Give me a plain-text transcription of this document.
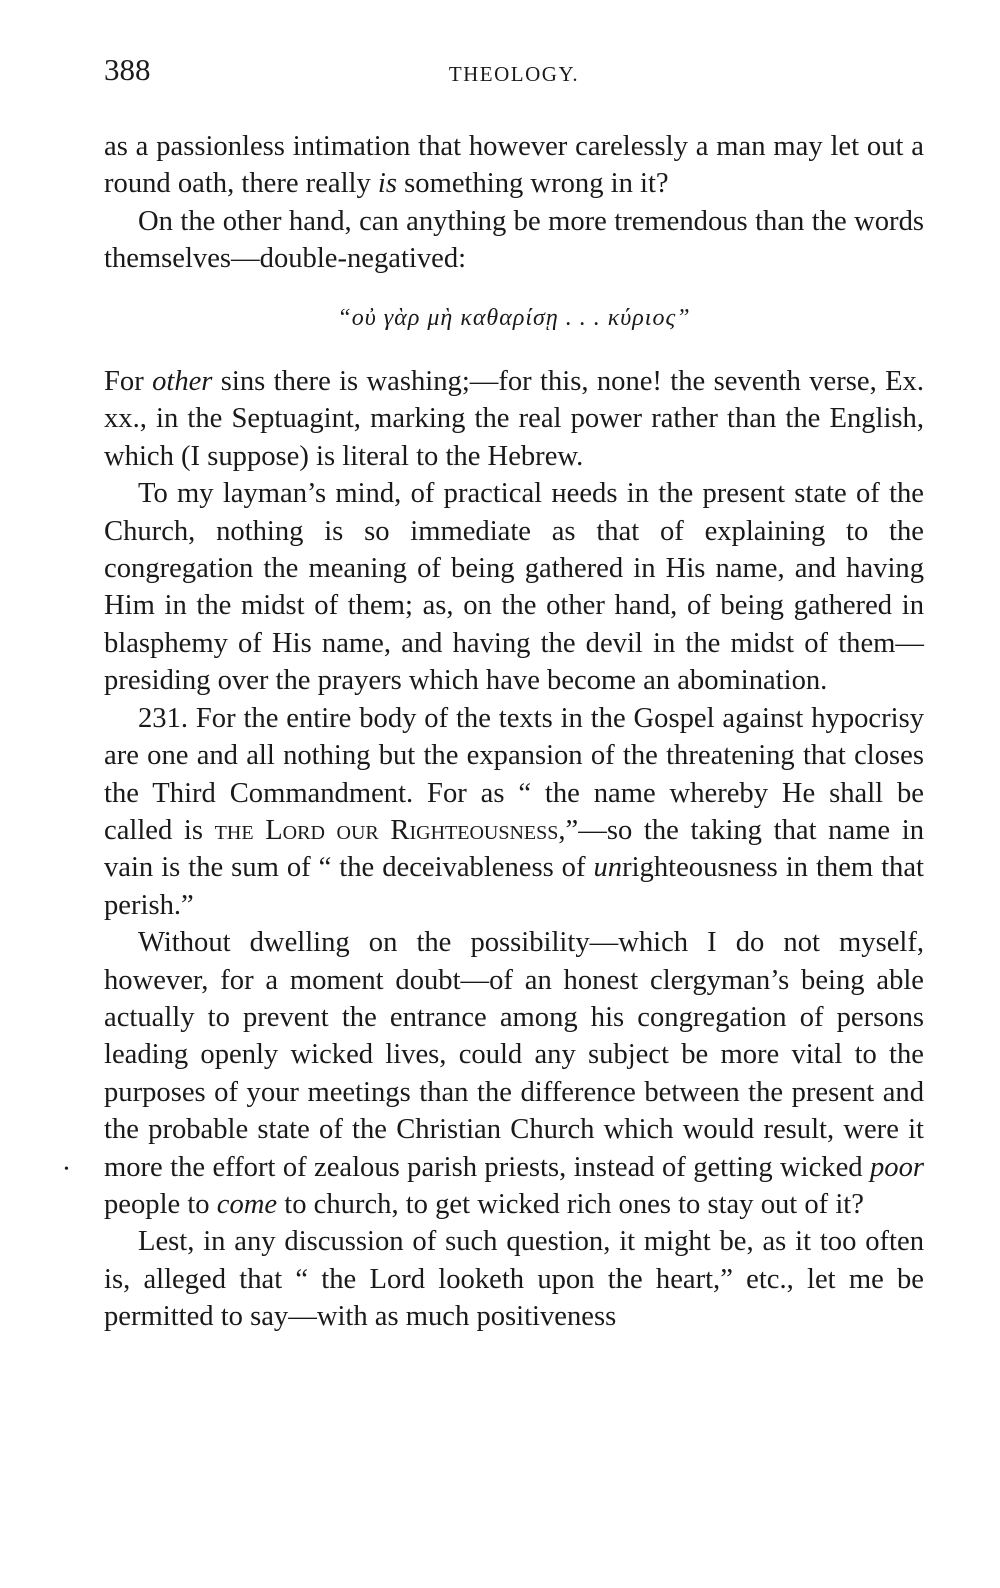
388	THEOLOGY.

as a passionless intimation that however carelessly a man may let out a round oath, there really is something wrong in it?

On the other hand, can anything be more tremendous than the words themselves—double-negatived:

“οὐ γὰρ μὴ καθαρίσῃ . . . κύριος”

For other sins there is washing;—for this, none! the seventh verse, Ex. xx., in the Septuagint, marking the real power rather than the English, which (I suppose) is literal to the Hebrew.

To my layman’s mind, of practical ʜeeds in the present state of the Church, nothing is so immediate as that of explaining to the congregation the meaning of being gathered in His name, and having Him in the midst of them; as, on the other hand, of being gathered in blasphemy of His name, and having the devil in the midst of them—presiding over the prayers which have become an abomination.

231. For the entire body of the texts in the Gospel against hypocrisy are one and all nothing but the expansion of the threatening that closes the Third Commandment. For as “ the name whereby He shall be called is the Lord our Righteousness,”—so the taking that name in vain is the sum of “ the deceivableness of unrighteousness in them that perish.”

Without dwelling on the possibility—which I do not myself, however, for a moment doubt—of an honest clergyman’s being able actually to prevent the entrance among his congregation of persons leading openly wicked lives, could any subject be more vital to the purposes of your meetings than the difference between the present and the probable state of the Christian Church which would result, were it more the effort of zealous parish priests, instead of getting wicked poor people to come to church, to get wicked rich ones to stay out of it?

Lest, in any discussion of such question, it might be, as it too often is, alleged that “ the Lord looketh upon the heart,” etc., let me be permitted to say—with as much positiveness

•
